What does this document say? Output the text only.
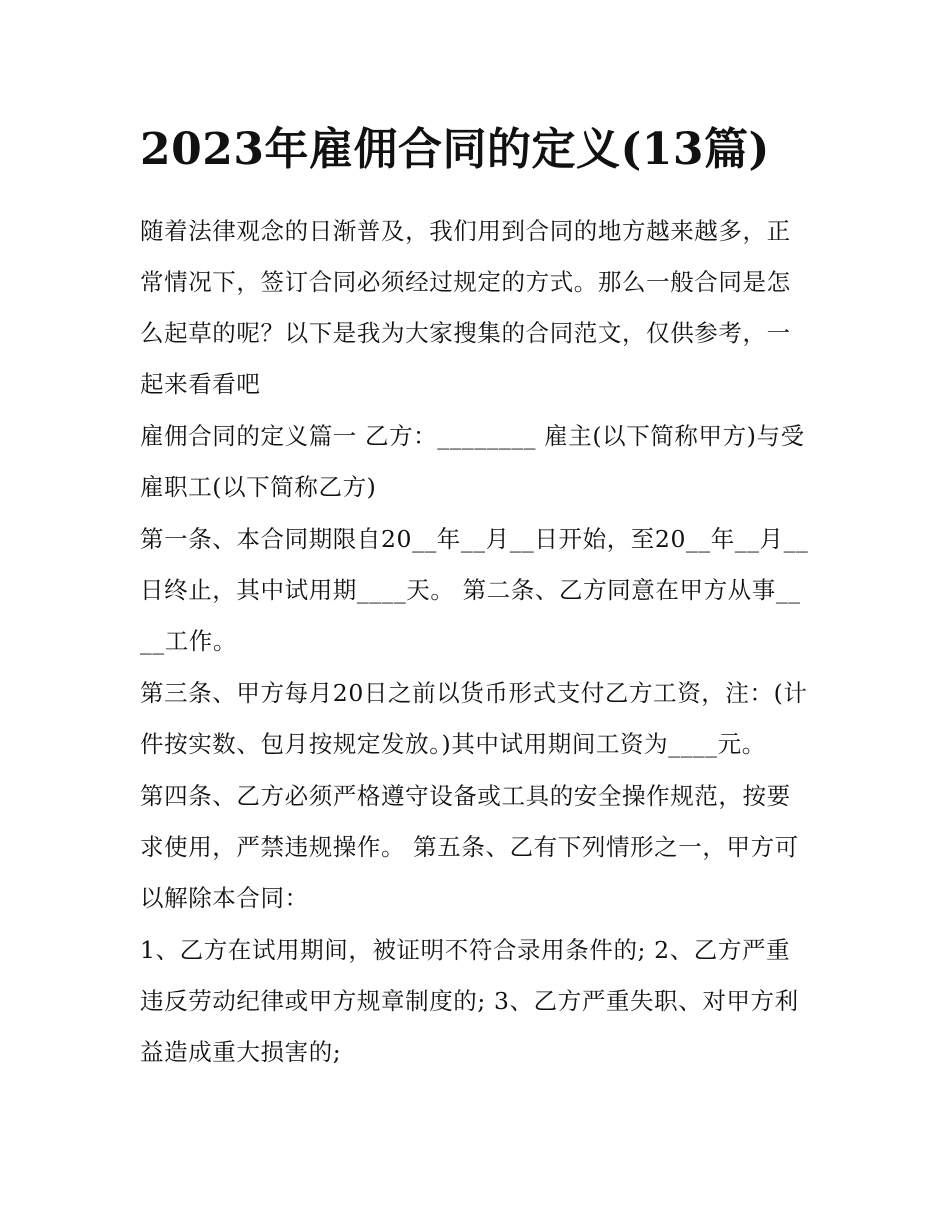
2023年雇佣合同的定义(13篇)

随着法律观念的日渐普及，我们用到合同的地方越来越多，正常情况下，签订合同必须经过规定的方式。那么一般合同是怎么起草的呢？以下是我为大家搜集的合同范文，仅供参考，一起来看看吧

雇佣合同的定义篇一 乙方：________ 雇主(以下简称甲方)与受雇职工(以下简称乙方)

第一条、本合同期限自20__年__月__日开始，至20__年__月__日终止，其中试用期____天。 第二条、乙方同意在甲方从事____工作。

第三条、甲方每月20日之前以货币形式支付乙方工资，注：(计件按实数、包月按规定发放。)其中试用期间工资为____元。

第四条、乙方必须严格遵守设备或工具的安全操作规范，按要求使用，严禁违规操作。 第五条、乙有下列情形之一，甲方可以解除本合同：

1、乙方在试用期间，被证明不符合录用条件的; 2、乙方严重违反劳动纪律或甲方规章制度的; 3、乙方严重失职、对甲方利益造成重大损害的;
